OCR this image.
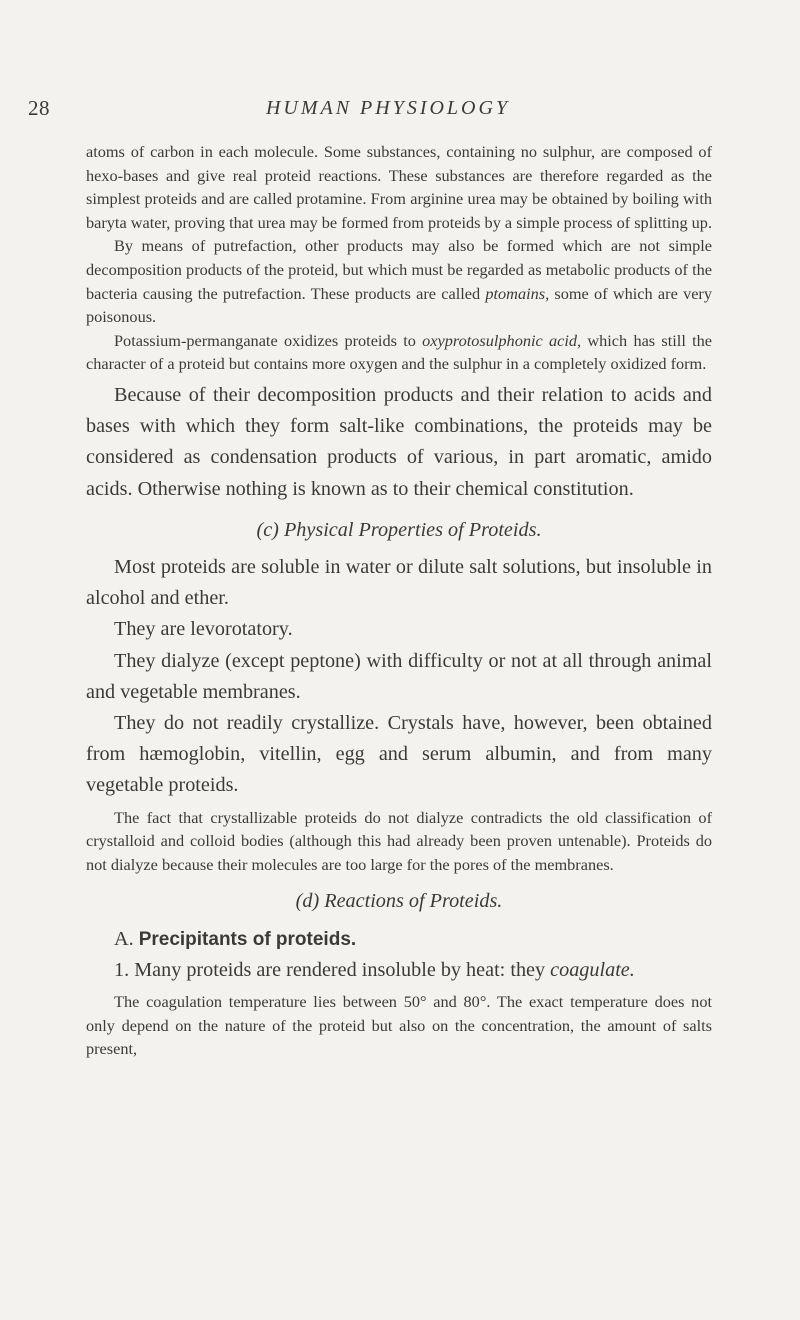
28	HUMAN PHYSIOLOGY

atoms of carbon in each molecule. Some substances, containing no sulphur, are composed of hexo-bases and give real proteid reactions. These substances are therefore regarded as the simplest proteids and are called protamine. From arginine urea may be obtained by boiling with baryta water, proving that urea may be formed from proteids by a simple process of splitting up.

By means of putrefaction, other products may also be formed which are not simple decomposition products of the proteid, but which must be regarded as metabolic products of the bacteria causing the putrefaction. These products are called ptomains, some of which are very poisonous.

Potassium-permanganate oxidizes proteids to oxyprotosulphonic acid, which has still the character of a proteid but contains more oxygen and the sulphur in a completely oxidized form.

Because of their decomposition products and their relation to acids and bases with which they form salt-like combinations, the proteids may be considered as condensation products of various, in part aromatic, amido acids. Otherwise nothing is known as to their chemical constitution.

(c) Physical Properties of Proteids.

Most proteids are soluble in water or dilute salt solutions, but insoluble in alcohol and ether.

They are levorotatory.

They dialyze (except peptone) with difficulty or not at all through animal and vegetable membranes.

They do not readily crystallize. Crystals have, however, been obtained from hæmoglobin, vitellin, egg and serum albumin, and from many vegetable proteids.

The fact that crystallizable proteids do not dialyze contradicts the old classification of crystalloid and colloid bodies (although this had already been proven untenable). Proteids do not dialyze because their molecules are too large for the pores of the membranes.

(d) Reactions of Proteids.

A. Precipitants of proteids.

1. Many proteids are rendered insoluble by heat: they coagulate.

The coagulation temperature lies between 50° and 80°. The exact temperature does not only depend on the nature of the proteid but also on the concentration, the amount of salts present,
